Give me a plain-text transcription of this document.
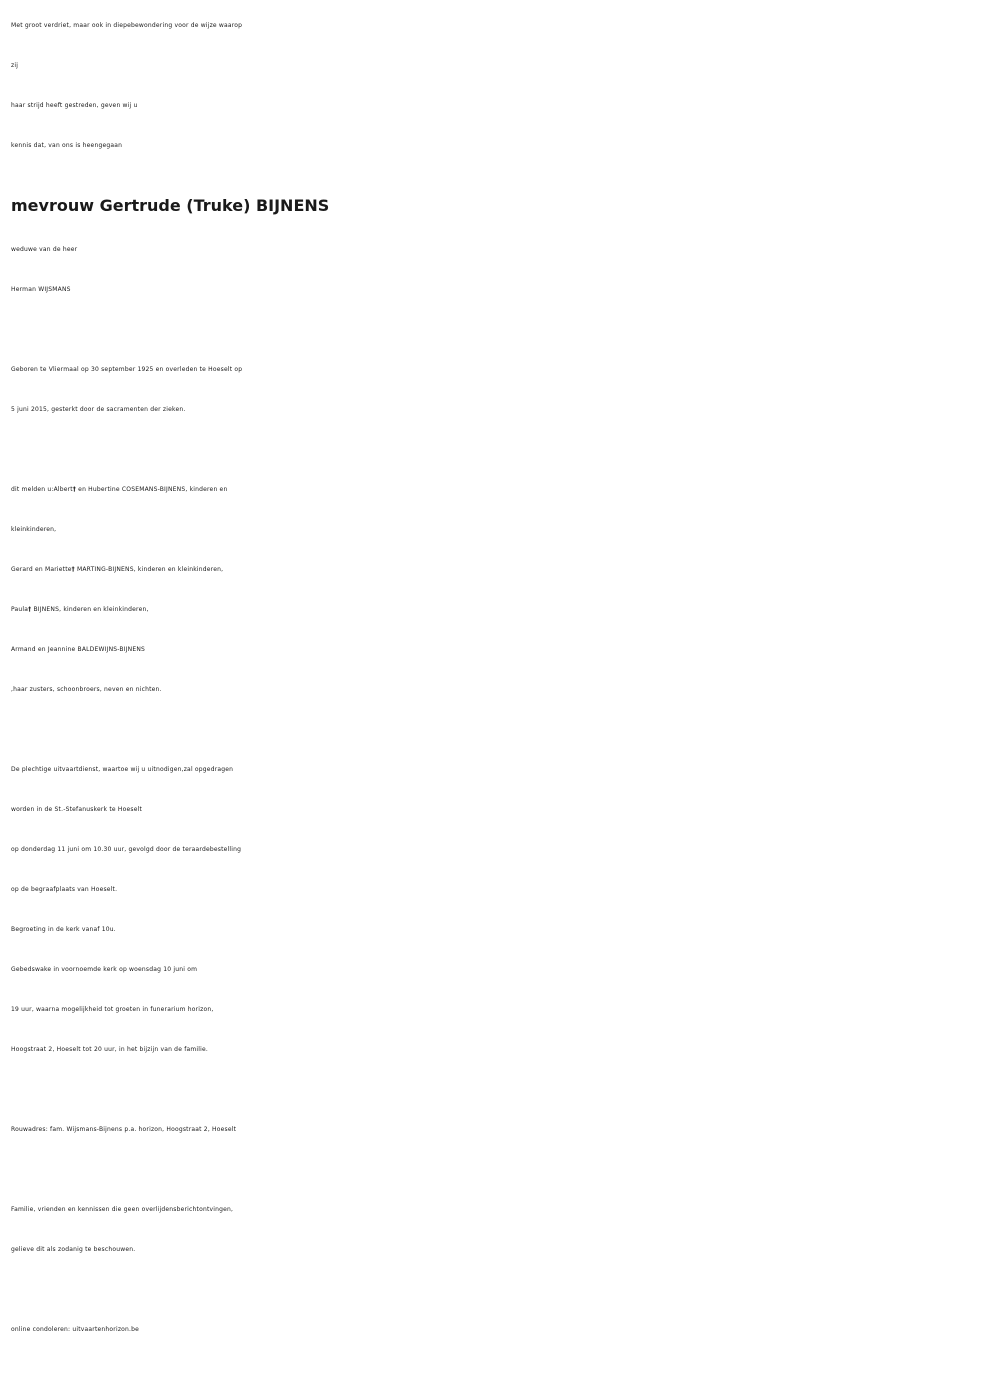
Met groot verdriet, maar ook in diepebewondering voor de wijze waarop
zij
haar strijd heeft gestreden, geven wij u
kennis dat, van ons is heengegaan
mevrouw Gertrude (Truke) BIJNENS
weduwe van de heer
Herman WIJSMANS
Geboren te Vliermaal op 30 september 1925 en overleden te Hoeselt op
5 juni 2015, gesterkt door de sacramenten der zieken.
dit melden u:Albert† en Hubertine COSEMANS-BIJNENS, kinderen en
kleinkinderen,
Gerard en Mariette† MARTING-BIJNENS, kinderen en kleinkinderen,
Paula† BIJNENS, kinderen en kleinkinderen,
Armand en Jeannine BALDEWIJNS-BIJNENS
,haar zusters, schoonbroers, neven en nichten.
De plechtige uitvaartdienst, waartoe wij u uitnodigen,zal opgedragen
worden in de St.-Stefanuskerk te Hoeselt
op donderdag 11 juni om 10.30 uur, gevolgd door de teraardebestelling
op de begraafplaats van Hoeselt.
Begroeting in de kerk vanaf 10u.
Gebedswake in voornoemde kerk op woensdag 10 juni om
19 uur, waarna mogelijkheid tot groeten in funerarium horizon,
Hoogstraat 2, Hoeselt tot 20 uur, in het bijzijn van de familie.
Rouwadres: fam. Wijsmans-Bijnens p.a. horizon, Hoogstraat 2, Hoeselt
Familie, vrienden en kennissen die geen overlijdensberichtontvingen,
gelieve dit als zodanig te beschouwen.
online condoleren: uitvaartenhorizon.be
